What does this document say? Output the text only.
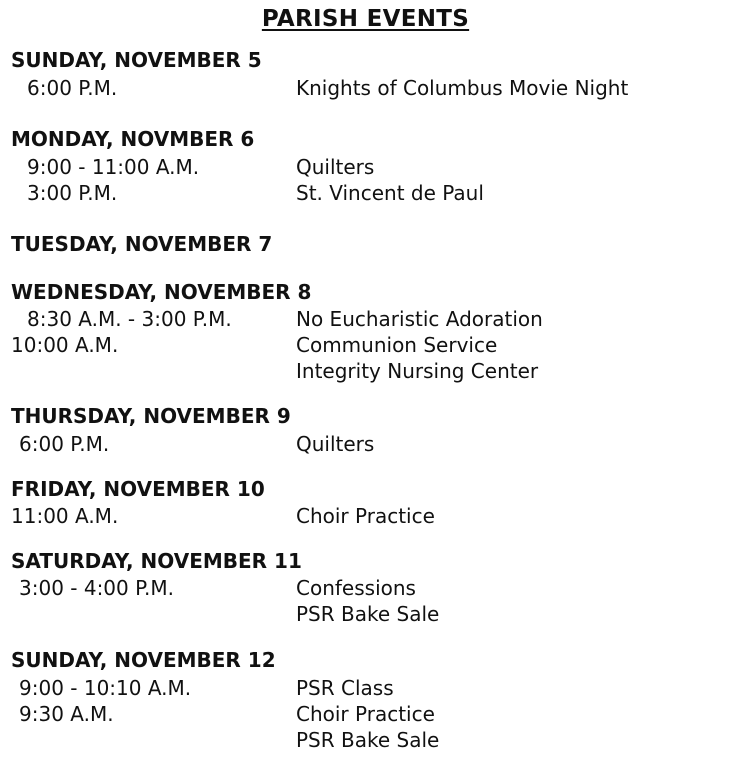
PARISH EVENTS
SUNDAY, NOVEMBER 5
6:00 P.M.	Knights of Columbus Movie Night
MONDAY, NOVMBER 6
9:00 - 11:00 A.M.	Quilters
3:00 P.M.	St. Vincent de Paul
TUESDAY, NOVEMBER 7
WEDNESDAY, NOVEMBER 8
8:30 A.M. - 3:00 P.M.	No Eucharistic Adoration
10:00 A.M.	Communion Service
Integrity Nursing Center
THURSDAY, NOVEMBER 9
6:00 P.M.	Quilters
FRIDAY, NOVEMBER 10
11:00 A.M.	Choir Practice
SATURDAY, NOVEMBER 11
3:00 - 4:00 P.M.	Confessions
PSR Bake Sale
SUNDAY, NOVEMBER 12
9:00 - 10:10 A.M.	PSR Class
9:30 A.M.	Choir Practice
PSR Bake Sale
